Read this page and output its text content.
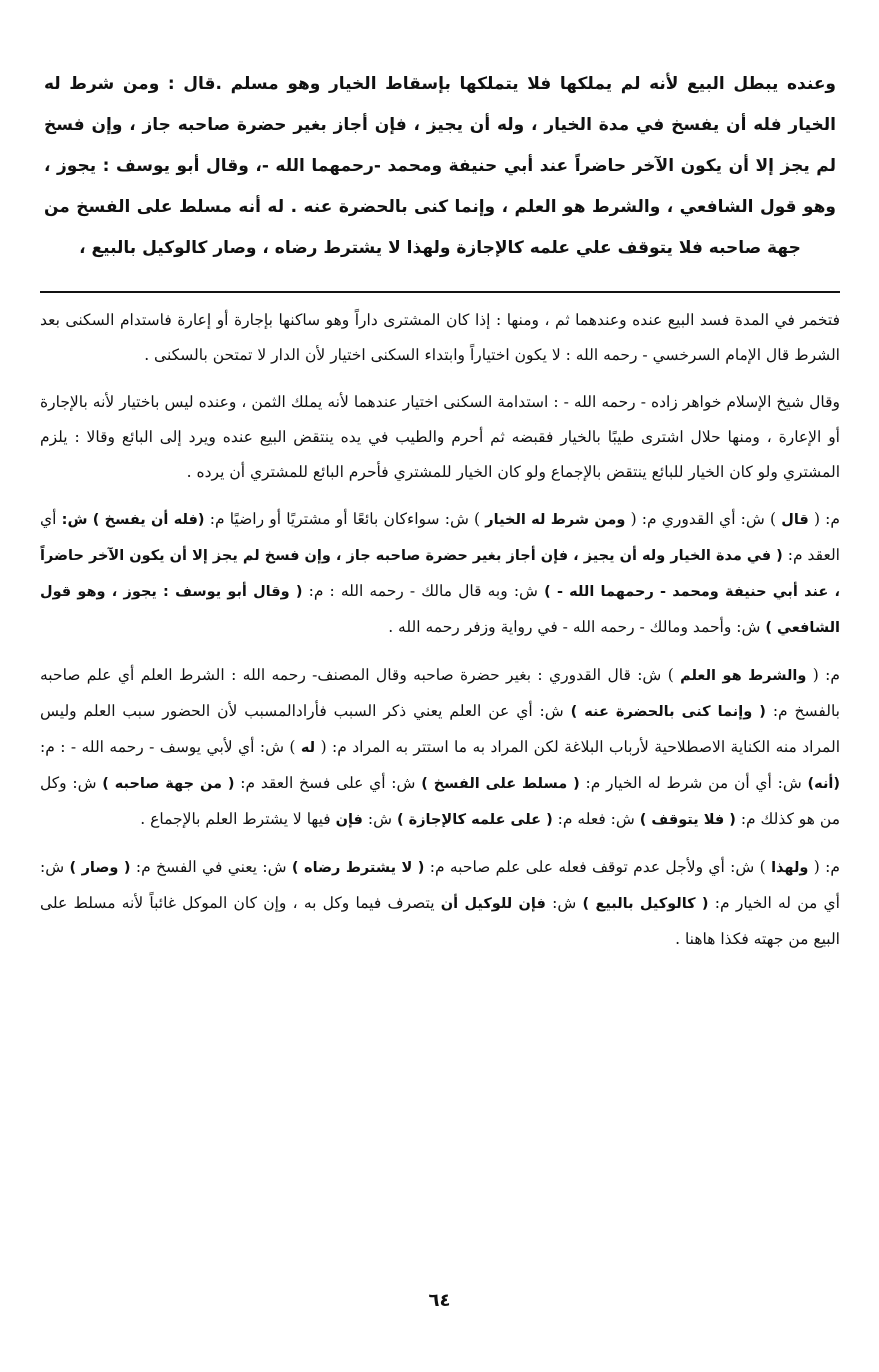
وعنده يبطل البيع لأنه لم يملكها فلا يتملكها بإسقاط الخيار وهو مسلم .قال : ومن شرط له الخيار فله أن يفسخ في مدة الخيار ، وله أن يجيز ، فإن أجاز بغير حضرة صاحبه جاز ، وإن فسخ لم يجز إلا أن يكون الآخر حاضراً عند أبي حنيفة ومحمد -رحمهما الله -، وقال أبو يوسف : يجوز ، وهو قول الشافعي ، والشرط هو العلم ، وإنما كنى بالحضرة عنه . له أنه مسلط على الفسخ من جهة صاحبه فلا يتوقف علي علمه كالإجازة ولهذا لا يشترط رضاه ، وصار كالوكيل بالبيع ،

فتخمر في المدة فسد البيع عنده وعندهما ثم ، ومنها : إذا كان المشترى داراً وهو ساكنها بإجارة أو إعارة فاستدام السكنى بعد الشرط قال الإمام السرخسي - رحمه الله : لا يكون اختياراً وابتداء السكنى اختيار لأن الدار لا تمتحن بالسكنى .

وقال شيخ الإسلام خواهر زاده - رحمه الله - : استدامة السكنى اختيار عندهما لأنه يملك الثمن ، وعنده ليس باختيار لأنه بالإجارة أو الإعارة ، ومنها حلال اشترى طيبًا بالخيار فقبضه ثم أحرم والطيب في يده ينتقض البيع عنده ويرد إلى البائع وقالا : يلزم المشتري ولو كان الخيار للبائع ينتقض بالإجماع ولو كان الخيار للمشتري فأحرم البائع للمشتري أن يرده .

م: ( قال ) ش: أي القدوري م: ( ومن شرط له الخيار ) ش: سواءكان بائعًا أو مشتريًا أو راضيًا م: (فله أن يفسخ ) ش: أي العقد م: ( في مدة الخيار وله أن يجيز ، فإن أجاز بغير حضرة صاحبه جاز ، وإن فسخ لم يجز إلا أن يكون الآخر حاضراً ، عند أبي حنيفة ومحمد - رحمهما الله - ) ش: وبه قال مالك - رحمه الله : م: ( وقال أبو يوسف : يجوز ، وهو قول الشافعي ) ش: وأحمد ومالك - رحمه الله - في رواية وزفر رحمه الله .

م: ( والشرط هو العلم ) ش: قال القدوري : بغير حضرة صاحبه وقال المصنف- رحمه الله : الشرط العلم أي علم صاحبه بالفسخ م: ( وإنما كنى بالحضرة عنه ) ش: أي عن العلم يعني ذكر السبب فأرادالمسبب لأن الحضور سبب العلم وليس المراد منه الكناية الاصطلاحية لأرباب البلاغة لكن المراد به ما استتر به المراد م: ( له ) ش: أي لأبي يوسف - رحمه الله - : م: (أنه) ش: أي أن من شرط له الخيار م: ( مسلط على الفسخ ) ش: أي على فسخ العقد م: ( من جهة صاحبه ) ش: وكل من هو كذلك م: ( فلا يتوقف ) ش: فعله م: ( على علمه كالإجازة ) ش: فإن فيها لا يشترط العلم بالإجماع .

م: ( ولهذا ) ش: أي ولأجل عدم توقف فعله على علم صاحبه م: ( لا يشترط رضاه ) ش: يعني في الفسخ م: ( وصار ) ش: أي من له الخيار م: ( كالوكيل بالبيع ) ش: فإن للوكيل أن يتصرف فيما وكل به ، وإن كان الموكل غائباً لأنه مسلط على البيع من جهته فكذا هاهنا .

٦٤
